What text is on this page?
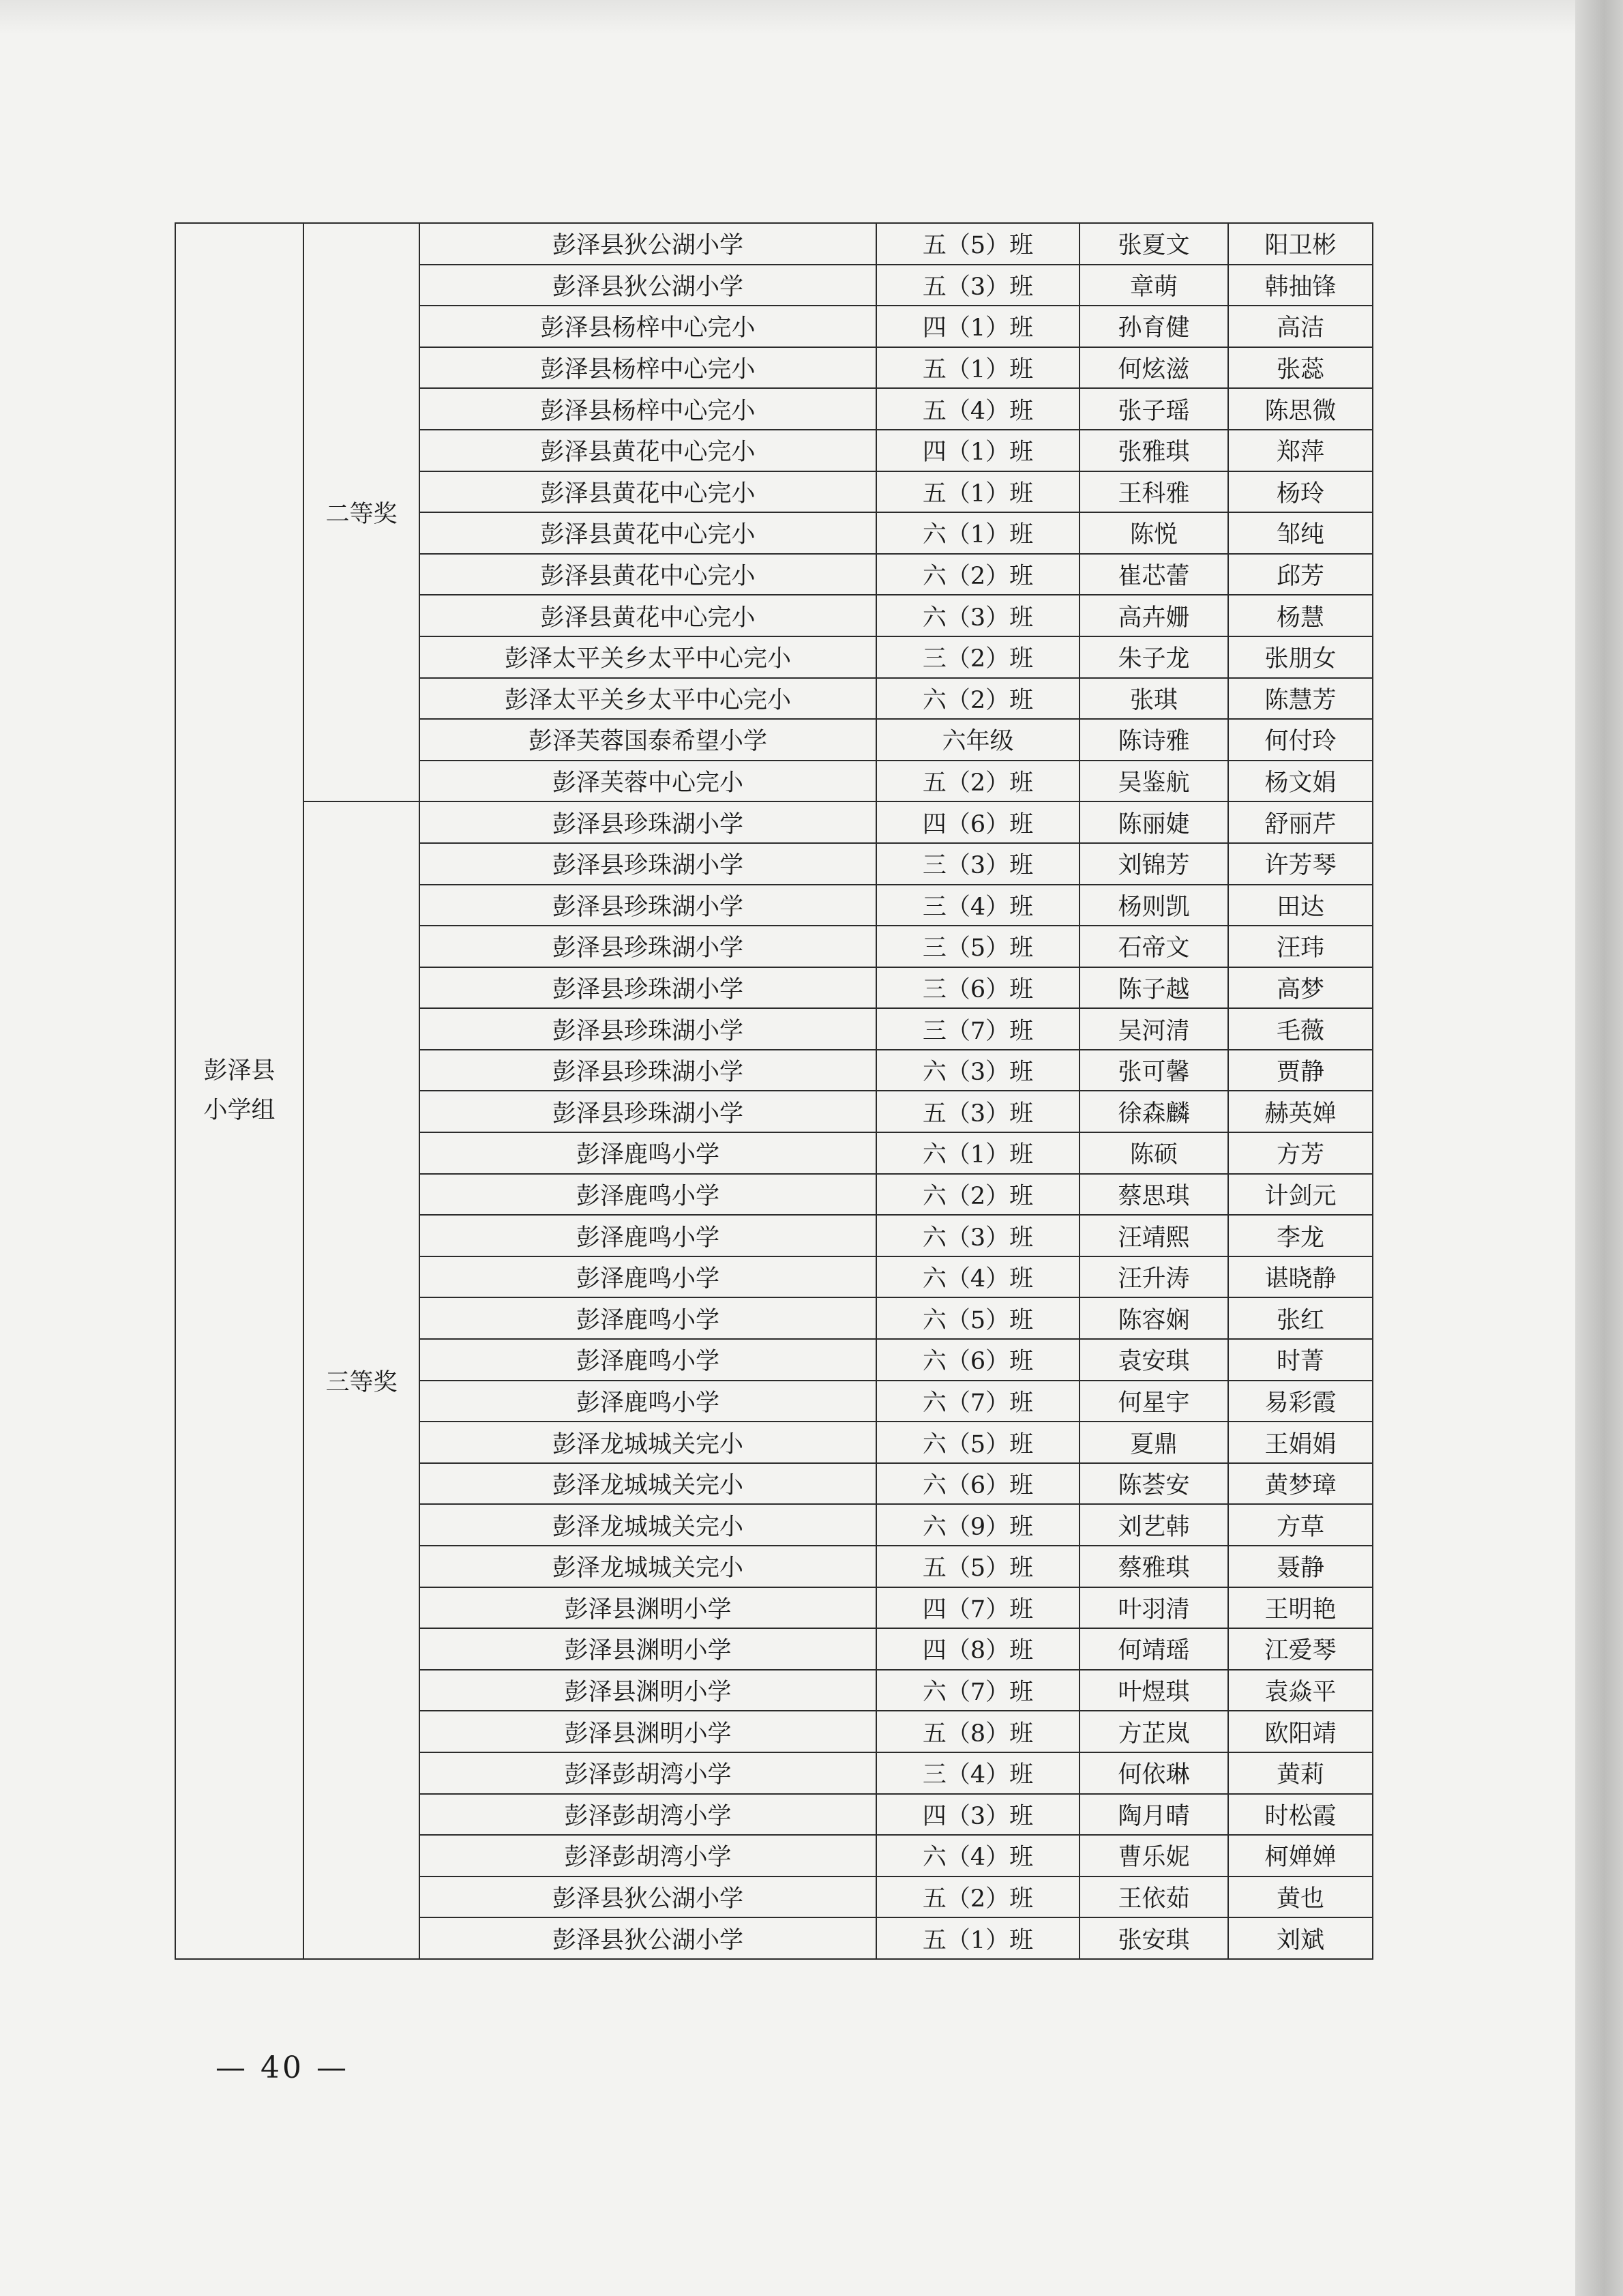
彭泽县
小学组	二等奖	彭泽县狄公湖小学	五（5）班	张夏文	阳卫彬
		彭泽县狄公湖小学	五（3）班	章萌	韩抽锋
		彭泽县杨梓中心完小	四（1）班	孙育健	高洁
		彭泽县杨梓中心完小	五（1）班	何炫滋	张蕊
		彭泽县杨梓中心完小	五（4）班	张子瑶	陈思微
		彭泽县黄花中心完小	四（1）班	张雅琪	郑萍
		彭泽县黄花中心完小	五（1）班	王科雅	杨玲
		彭泽县黄花中心完小	六（1）班	陈悦	邹纯
		彭泽县黄花中心完小	六（2）班	崔芯蕾	邱芳
		彭泽县黄花中心完小	六（3）班	高卉姗	杨慧
		彭泽太平关乡太平中心完小	三（2）班	朱子龙	张朋女
		彭泽太平关乡太平中心完小	六（2）班	张琪	陈慧芳
		彭泽芙蓉国泰希望小学	六年级	陈诗雅	何付玲
		彭泽芙蓉中心完小	五（2）班	吴鉴航	杨文娟
	三等奖	彭泽县珍珠湖小学	四（6）班	陈丽婕	舒丽芹
		彭泽县珍珠湖小学	三（3）班	刘锦芳	许芳琴
		彭泽县珍珠湖小学	三（4）班	杨则凯	田达
		彭泽县珍珠湖小学	三（5）班	石帝文	汪玮
		彭泽县珍珠湖小学	三（6）班	陈子越	高梦
		彭泽县珍珠湖小学	三（7）班	吴河清	毛薇
		彭泽县珍珠湖小学	六（3）班	张可馨	贾静
		彭泽县珍珠湖小学	五（3）班	徐森麟	赫英婵
		彭泽鹿鸣小学	六（1）班	陈硕	方芳
		彭泽鹿鸣小学	六（2）班	蔡思琪	计剑元
		彭泽鹿鸣小学	六（3）班	汪靖熙	李龙
		彭泽鹿鸣小学	六（4）班	汪升涛	谌晓静
		彭泽鹿鸣小学	六（5）班	陈容娴	张红
		彭泽鹿鸣小学	六（6）班	袁安琪	时菁
		彭泽鹿鸣小学	六（7）班	何星宇	易彩霞
		彭泽龙城城关完小	六（5）班	夏鼎	王娟娟
		彭泽龙城城关完小	六（6）班	陈荟安	黄梦璋
		彭泽龙城城关完小	六（9）班	刘艺韩	方草
		彭泽龙城城关完小	五（5）班	蔡雅琪	聂静
		彭泽县渊明小学	四（7）班	叶羽清	王明艳
		彭泽县渊明小学	四（8）班	何靖瑶	江爱琴
		彭泽县渊明小学	六（7）班	叶煜琪	袁焱平
		彭泽县渊明小学	五（8）班	方芷岚	欧阳靖
		彭泽彭胡湾小学	三（4）班	何依琳	黄莉
		彭泽彭胡湾小学	四（3）班	陶月晴	时松霞
		彭泽彭胡湾小学	六（4）班	曹乐妮	柯婵婵
		彭泽县狄公湖小学	五（2）班	王依茹	黄也
		彭泽县狄公湖小学	五（1）班	张安琪	刘斌
— 40 —
